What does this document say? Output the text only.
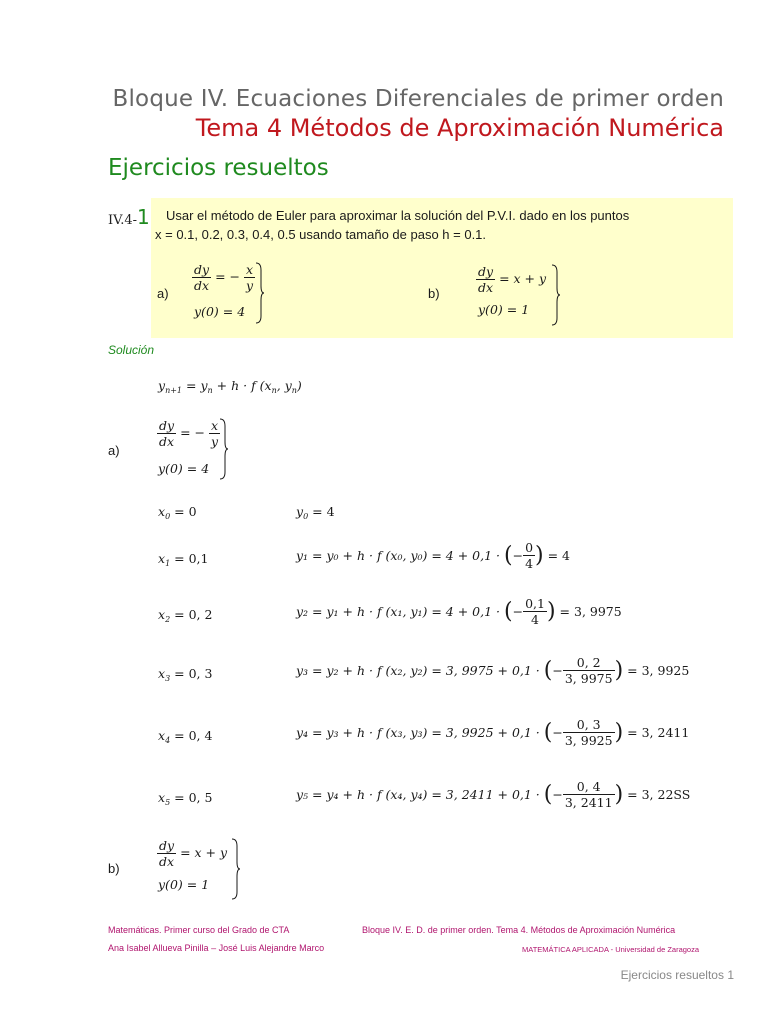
Bloque IV. Ecuaciones Diferenciales de primer orden
Tema 4 Métodos de Aproximación Numérica
Ejercicios resueltos
IV.4-1 Usar el método de Euler para aproximar la solución del P.V.I. dado en los puntos
x = 0.1, 0.2, 0.3, 0.4, 0.5 usando tamaño de paso h = 0.1.
a)
$\frac{dy}{dx}$ = − $\frac{x}{y}$
y(0) = 4
b)	$\frac{dy}{dx} = x + y$
y(0) = 1
Solución
$y_{n+1} = y_n + h \cdot f$ ($x_n$, $y_n$)
a)
$\frac{dy}{dx}$ = − $\frac{x}{y}$
y(0) = 4
$x_0 = 0$	$y_0 = 4$
$x_1 = 0,1$	y₁ = y₀ + h · f (x₀, y₀) = 4 + 0,1 · (− $\frac{0}{4}$ ) = 4
$x_2 = 0$, 2	y₂ = y₁ + h · f (x₁, y₁) = 4 + 0,1 · (− $\frac{0,1}{4}$ ) = 3, 9975
$x_3 = 0$, 3	y₃ = y₂ + h · f (x₂, y₂) = 3, 9975 + 0,1 · (− $\frac{0, 2}{3, 9975}$ ) = 3, 9925
$x_4 = 0$, 4	y₄ = y₃ + h · f (x₃, y₃) = 3, 9925 + 0,1 · (− $\frac{0, 3}{3, 9925}$ ) = 3, 2411
$x_5 = 0$, 5	y₅ = y₄ + h · f (x₄, y₄) = 3, 2411 + 0,1 · (− $\frac{0, 4}{3, 2411}$ ) = 3, 22SS
b)	$\frac{dy}{dx} = x + y$
y(0) = 1
Matemáticas. Primer curso del Grado de CTA	Bloque IV. E. D. de primer orden. Tema 4. Métodos de Aproximación Numérica
Ana Isabel Allueva Pinilla – José Luis Alejandre Marco	MATEMÁTICA APLICADA - Universidad de Zaragoza
Ejercicios resueltos 1
